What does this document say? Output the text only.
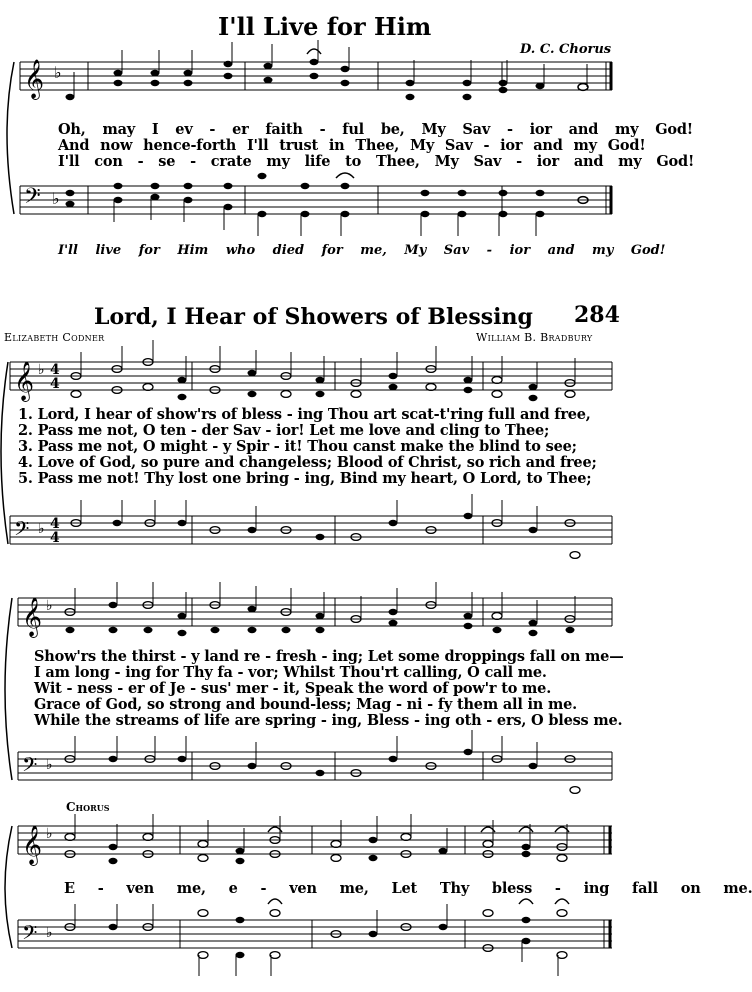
I'll Live for Him
D. C. Chorus
𝄞 ♭
Oh, may I ev - er faith - ful be, My Sav - ior and my God!
And now hence-forth I'll trust in Thee, My Sav - ior and my God!
I'll con - se - crate my life to Thee, My Sav - ior and my God!
𝄢 ♭
I'll live for Him who died for me, My Sav - ior and my God!
Lord, I Hear of Showers of Blessing 284
Elizabeth Codner	William B. Bradbury
𝄞 ♭ 4
4
1. Lord, I hear of show'rs of bless - ing Thou art scat-t'ring full and free,
2. Pass me not, O ten - der Sav - ior! Let me love and cling to Thee;
3. Pass me not, O might - y Spir - it! Thou canst make the blind to see;
4. Love of God, so pure and changeless; Blood of Christ, so rich and free;
5. Pass me not! Thy lost one bring - ing, Bind my heart, O Lord, to Thee;
𝄢 ♭ 4
4
𝄞 ♭
Show'rs the thirst - y land re - fresh - ing; Let some droppings fall on me—
I am long - ing for Thy fa - vor; Whilst Thou'rt calling, O call me.
Wit - ness - er of Je - sus' mer - it, Speak the word of pow'r to me.
Grace of God, so strong and bound-less; Mag - ni - fy them all in me.
While the streams of life are spring - ing, Bless - ing oth - ers, O bless me.
𝄢 ♭
Chorus
𝄞 ♭
E - ven me, e - ven me, Let Thy bless - ing fall on me.
𝄢 ♭
